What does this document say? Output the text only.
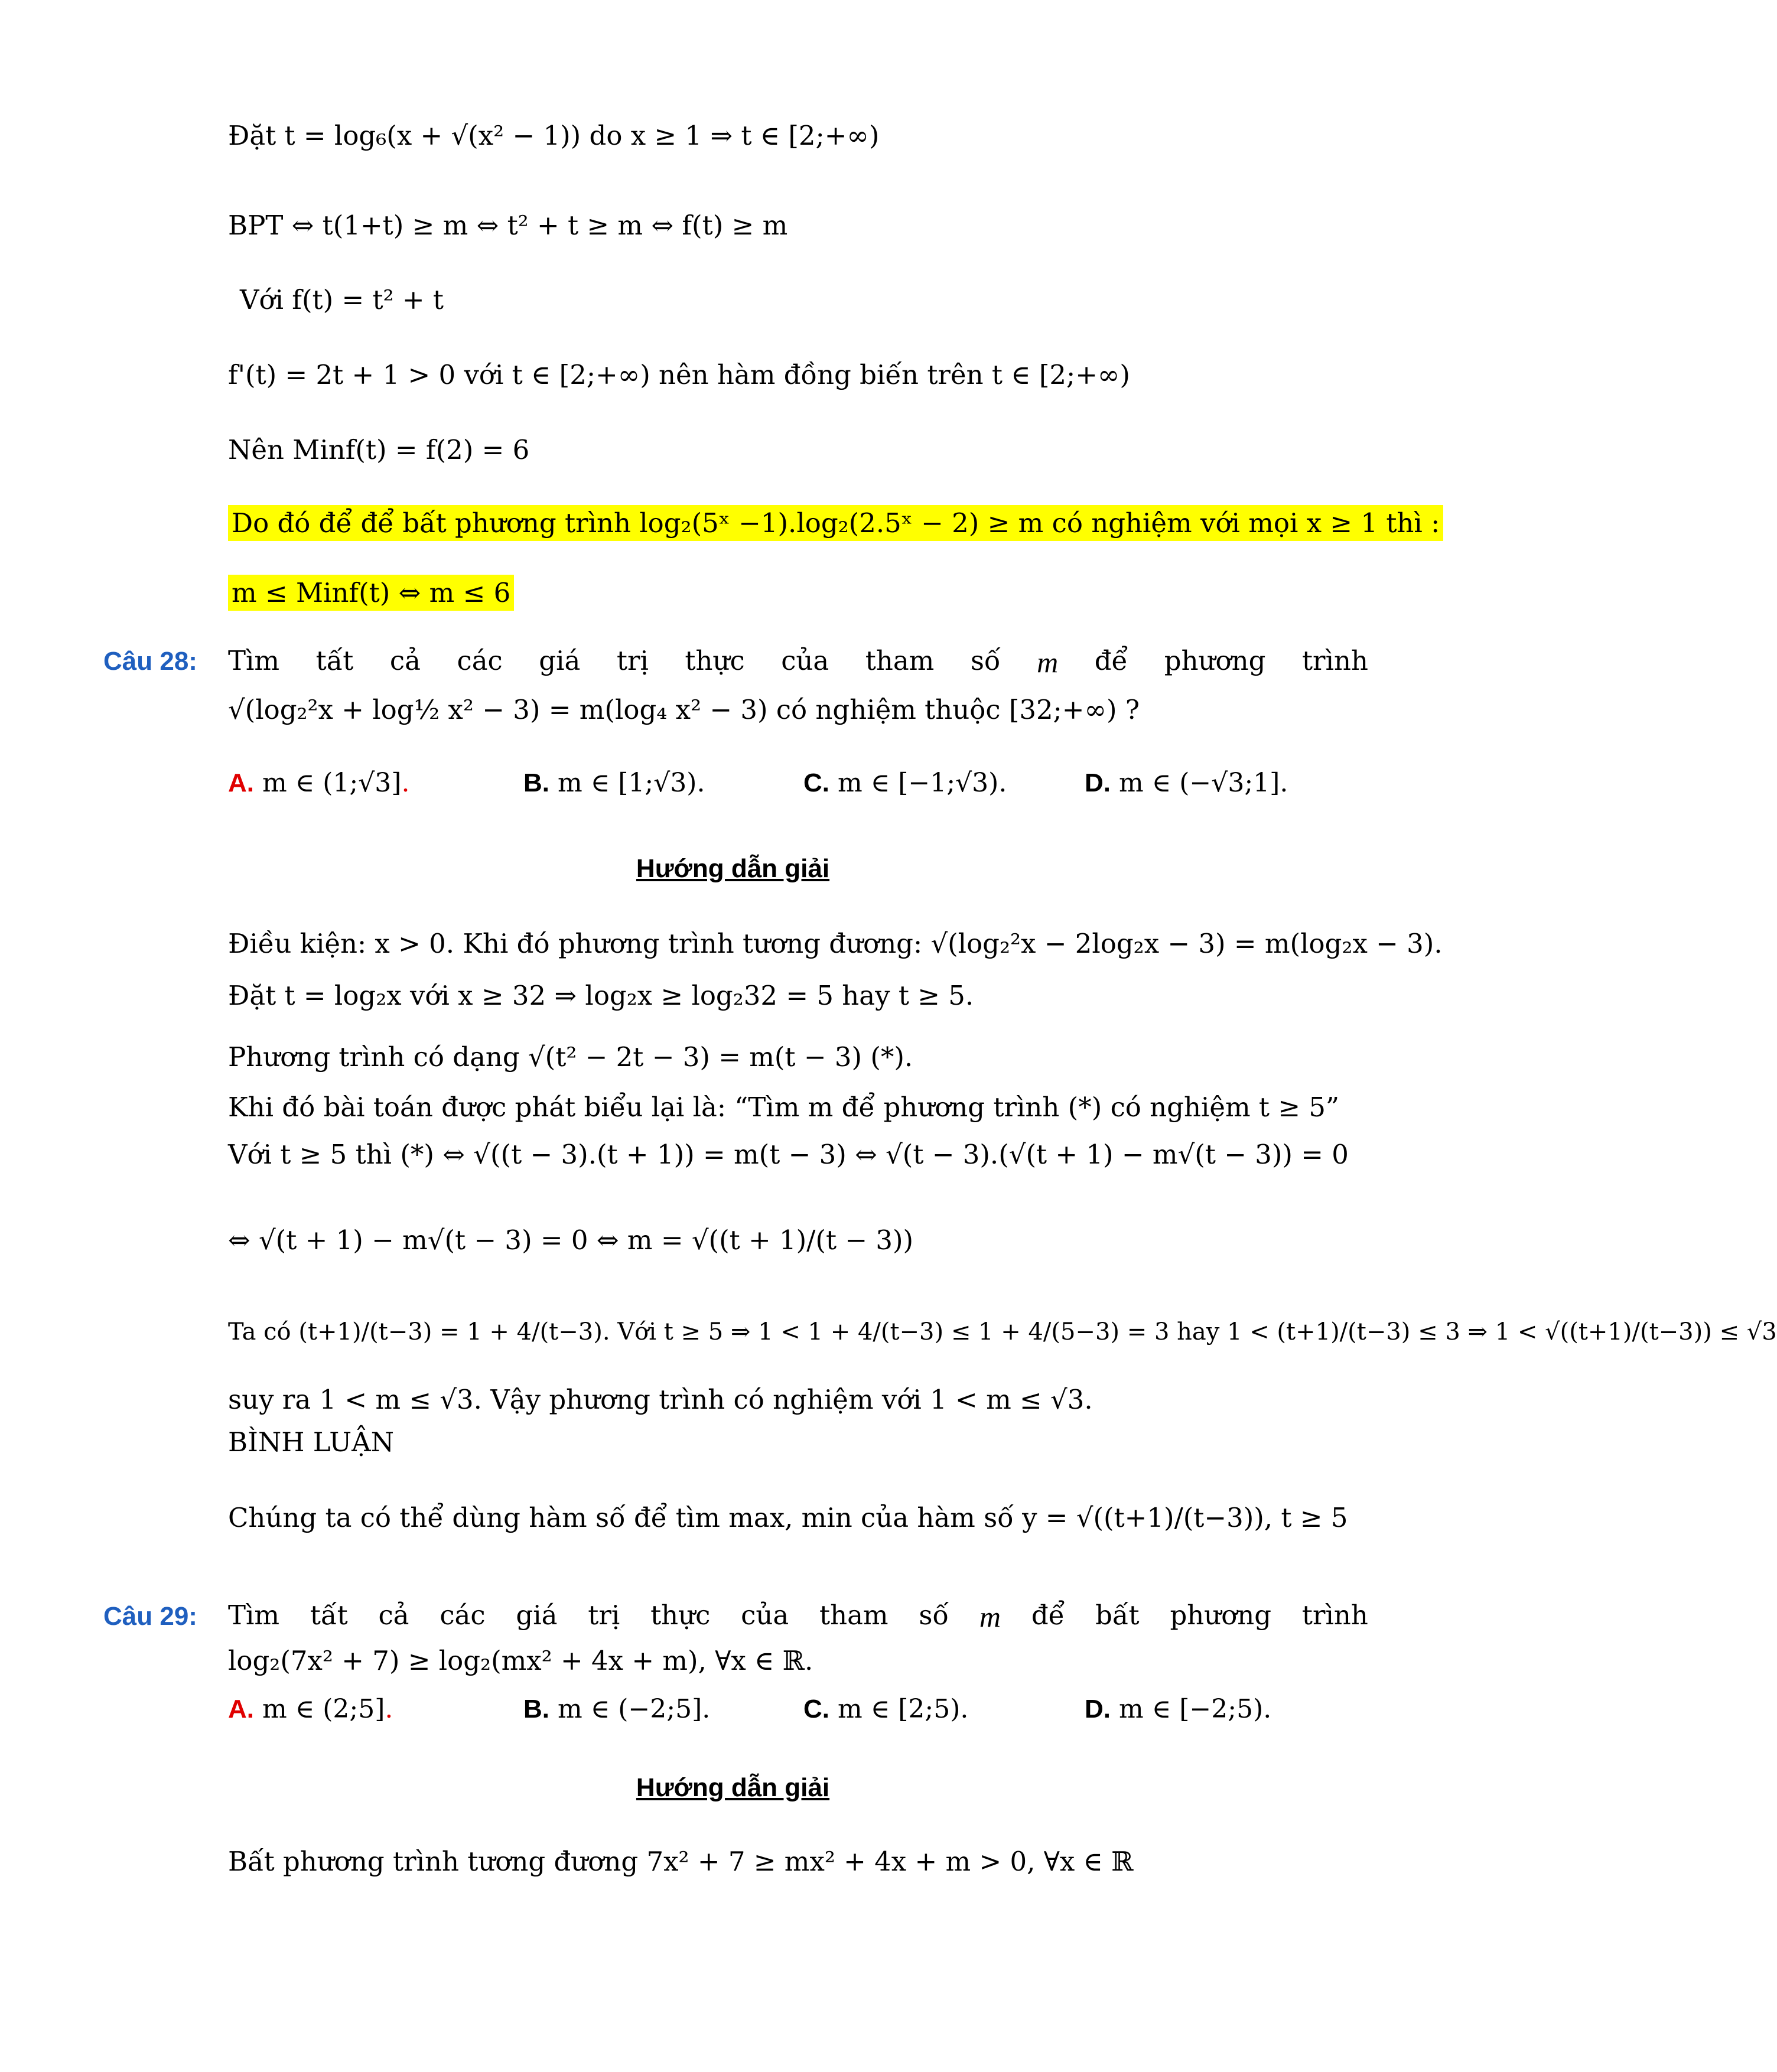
Đặt t = log₆(x + √(x² − 1)) do x ≥ 1 ⇒ t ∈ [2;+∞)
BPT ⇔ t(1+t) ≥ m ⇔ t² + t ≥ m ⇔ f(t) ≥ m
Với f(t) = t² + t
f'(t) = 2t + 1 > 0 với t ∈ [2;+∞) nên hàm đồng biến trên t ∈ [2;+∞)
Nên Minf(t) = f(2) = 6
Do đó để để bất phương trình log₂(5ˣ −1).log₂(2.5ˣ − 2) ≥ m có nghiệm với mọi x ≥ 1 thì :
m ≤ Minf(t) ⇔ m ≤ 6
Câu 28: Tìm tất cả các giá trị thực của tham số m để phương trình
√(log₂²x + log½ x² − 3) = m(log₄ x² − 3) có nghiệm thuộc [32;+∞) ?
A. m ∈ (1;√3].	B. m ∈ [1;√3).	C. m ∈ [−1;√3).	D. m ∈ (−√3;1].
Hướng dẫn giải
Điều kiện: x > 0. Khi đó phương trình tương đương: √(log₂²x − 2log₂x − 3) = m(log₂x − 3).
Đặt t = log₂x với x ≥ 32 ⇒ log₂x ≥ log₂32 = 5 hay t ≥ 5.
Phương trình có dạng √(t² − 2t − 3) = m(t − 3) (*).
Khi đó bài toán được phát biểu lại là: “Tìm m để phương trình (*) có nghiệm t ≥ 5”
Với t ≥ 5 thì (*) ⇔ √((t − 3).(t + 1)) = m(t − 3) ⇔ √(t − 3).(√(t + 1) − m√(t − 3)) = 0
⇔ √(t + 1) − m√(t − 3) = 0 ⇔ m = √((t + 1)/(t − 3))
Ta có (t+1)/(t−3) = 1 + 4/(t−3). Với t ≥ 5 ⇒ 1 < 1 + 4/(t−3) ≤ 1 + 4/(5−3) = 3 hay 1 < (t+1)/(t−3) ≤ 3 ⇒ 1 < √((t+1)/(t−3)) ≤ √3
suy ra 1 < m ≤ √3. Vậy phương trình có nghiệm với 1 < m ≤ √3.
BÌNH LUẬN
Chúng ta có thể dùng hàm số để tìm max, min của hàm số y = √((t+1)/(t−3)), t ≥ 5
Câu 29: Tìm tất cả các giá trị thực của tham số m để bất phương trình
log₂(7x² + 7) ≥ log₂(mx² + 4x + m), ∀x ∈ ℝ.
A. m ∈ (2;5].	B. m ∈ (−2;5].	C. m ∈ [2;5).	D. m ∈ [−2;5).
Hướng dẫn giải
Bất phương trình tương đương 7x² + 7 ≥ mx² + 4x + m > 0, ∀x ∈ ℝ
